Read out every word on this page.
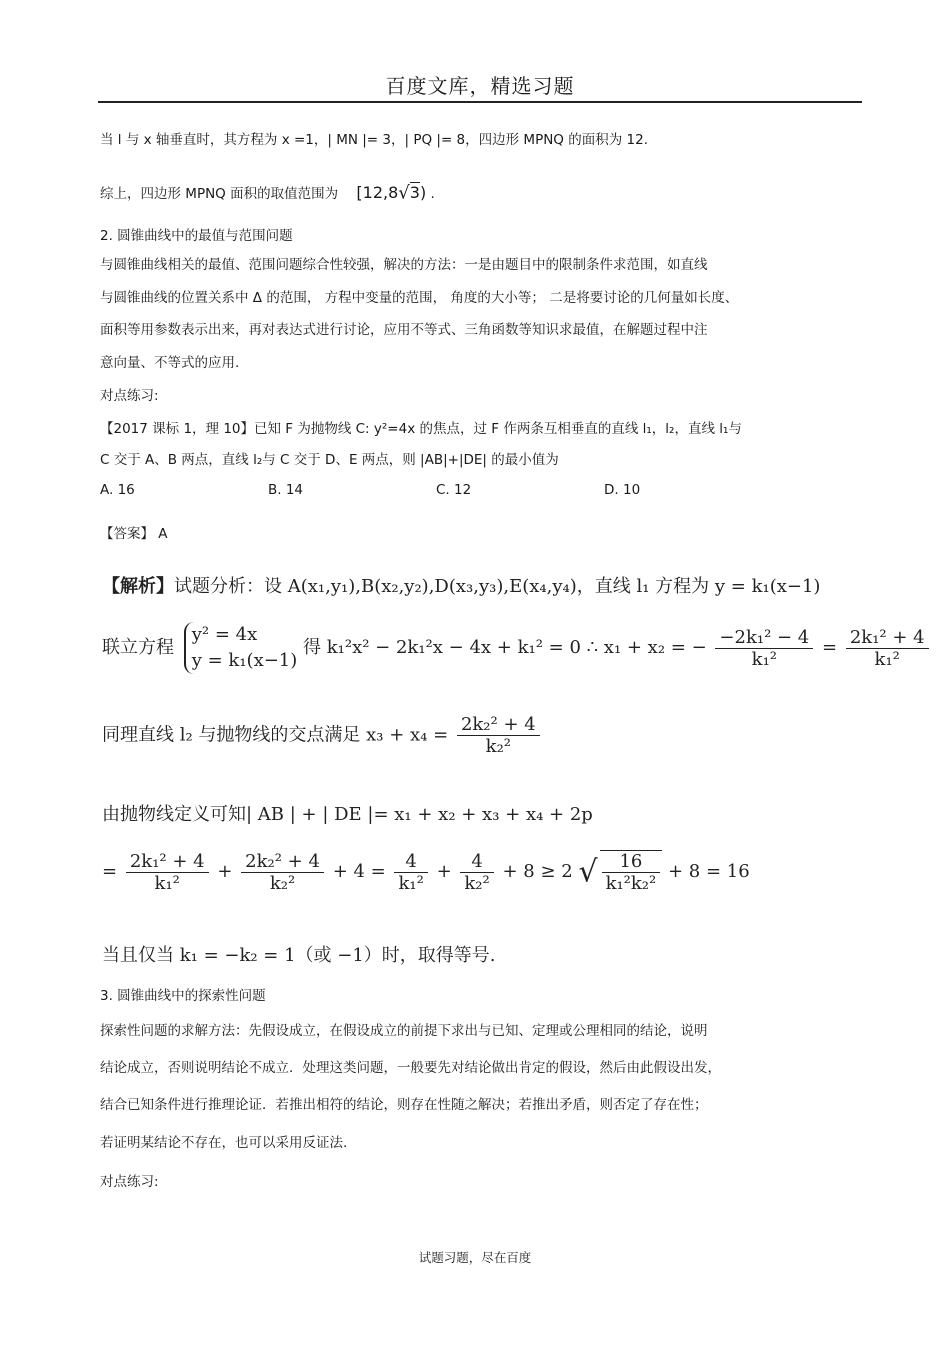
百度文库，精选习题
当 l 与 x 轴垂直时，其方程为 x =1，| MN |= 3，| PQ |= 8，四边形 MPNQ 的面积为 12.
综上，四边形 MPNQ 面积的取值范围为 [12,8√3) .
2. 圆锥曲线中的最值与范围问题
与圆锥曲线相关的最值、范围问题综合性较强，解决的方法：一是由题目中的限制条件求范围，如直线
与圆锥曲线的位置关系中 Δ 的范围， 方程中变量的范围， 角度的大小等； 二是将要讨论的几何量如长度、
面积等用参数表示出来，再对表达式进行讨论，应用不等式、三角函数等知识求最值，在解题过程中注
意向量、不等式的应用.
对点练习:
【2017 课标 1，理 10】已知 F 为抛物线 C: y²=4x 的焦点，过 F 作两条互相垂直的直线 l₁，l₂，直线 l₁与
C 交于 A、B 两点，直线 l₂与 C 交于 D、E 两点，则 |AB|+|DE| 的最小值为
A. 16	B. 14	C. 12	D. 10
【答案】 A
【解析】试题分析：设 A(x₁,y₁),B(x₂,y₂),D(x₃,y₃),E(x₄,y₄)，直线 l₁ 方程为 y = k₁(x−1)
联立方程
y² = 4x
y = k₁(x−1)
得 k₁²x² − 2k₁²x − 4x + k₁² = 0 ∴ x₁ + x₂ = − $\frac{\text{−2k₁² − 4}}{\text{k₁²}} = \frac{\text{2k₁² + 4}}{\text{k₁²}}$
同理直线 l₂ 与抛物线的交点满足 $x_3 + x_4 = \frac{\text{2k₂² + 4}}{\text{k₂²}}$
由抛物线定义可知| AB | + | DE |= x₁ + x₂ + x₃ + x₄ + 2p
= $\frac{\text{2k₁² + 4}}{\text{k₁²}} + \frac{\text{2k₂² + 4}}{\text{k₂²}} + 4 = \frac{4}{\text{k₁²}} + \frac{4}{\text{k₂²}} + 8 \ge 2$ √ $\frac{16}{\text{k₁²k₂²}} + 8 = 16$
当且仅当 k₁ = −k₂ = 1（或 −1）时，取得等号.
3. 圆锥曲线中的探索性问题
探索性问题的求解方法：先假设成立，在假设成立的前提下求出与已知、定理或公理相同的结论，说明
结论成立，否则说明结论不成立．处理这类问题，一般要先对结论做出肯定的假设，然后由此假设出发，
结合已知条件进行推理论证．若推出相符的结论，则存在性随之解决；若推出矛盾，则否定了存在性；
若证明某结论不存在，也可以采用反证法.
对点练习:
试题习题，尽在百度
